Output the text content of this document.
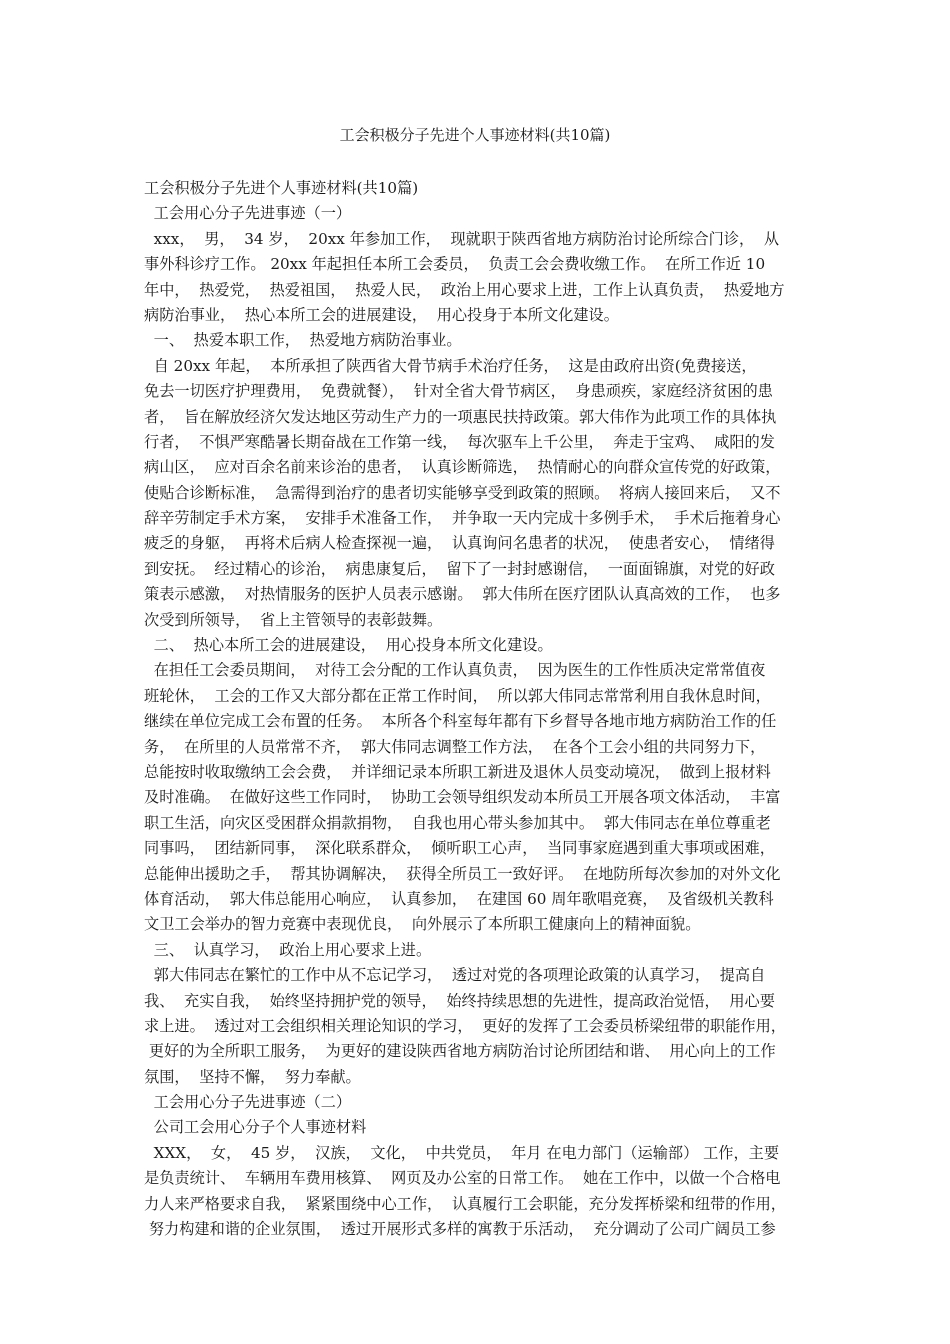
工会积极分子先进个人事迹材料(共10篇)
工会积极分子先进个人事迹材料(共10篇)
工会用心分子先进事迹（一）
xxx，  男，  34 岁，  20xx 年参加工作，  现就职于陕西省地方病防治讨论所综合门诊，  从
事外科诊疗工作。 20xx 年起担任本所工会委员，  负责工会会费收缴工作。  在所工作近 10
年中，  热爱党，  热爱祖国，  热爱人民，  政治上用心要求上进，工作上认真负责，  热爱地方
病防治事业，  热心本所工会的进展建设，  用心投身于本所文化建设。
一、  热爱本职工作，  热爱地方病防治事业。
自 20xx 年起，  本所承担了陕西省大骨节病手术治疗任务，  这是由政府出资(免费接送，
免去一切医疗护理费用，  免费就餐），  针对全省大骨节病区，  身患顽疾，家庭经济贫困的患
者，  旨在解放经济欠发达地区劳动生产力的一项惠民扶持政策。郭大伟作为此项工作的具体执
行者，  不惧严寒酷暑长期奋战在工作第一线，  每次驱车上千公里，  奔走于宝鸡、  咸阳的发
病山区，  应对百余名前来诊治的患者，  认真诊断筛选，  热情耐心的向群众宣传党的好政策，
使贴合诊断标准，  急需得到治疗的患者切实能够享受到政策的照顾。  将病人接回来后，  又不
辞辛劳制定手术方案，  安排手术准备工作，  并争取一天内完成十多例手术，  手术后拖着身心
疲乏的身躯，  再将术后病人检查探视一遍，  认真询问名患者的状况，  使患者安心，  情绪得
到安抚。  经过精心的诊治，  病患康复后，  留下了一封封感谢信，  一面面锦旗，对党的好政
策表示感激，  对热情服务的医护人员表示感谢。  郭大伟所在医疗团队认真高效的工作，  也多
次受到所领导，  省上主管领导的表彰鼓舞。
二、  热心本所工会的进展建设，  用心投身本所文化建设。
在担任工会委员期间，  对待工会分配的工作认真负责，  因为医生的工作性质决定常常值夜
班轮休，  工会的工作又大部分都在正常工作时间，  所以郭大伟同志常常利用自我休息时间，
继续在单位完成工会布置的任务。  本所各个科室每年都有下乡督导各地市地方病防治工作的任
务，  在所里的人员常常不齐，  郭大伟同志调整工作方法，  在各个工会小组的共同努力下，
总能按时收取缴纳工会会费，  并详细记录本所职工新进及退休人员变动境况，  做到上报材料
及时准确。  在做好这些工作同时，  协助工会领导组织发动本所员工开展各项文体活动，  丰富
职工生活，向灾区受困群众捐款捐物，  自我也用心带头参加其中。  郭大伟同志在单位尊重老
同事吗，  团结新同事，  深化联系群众，  倾听职工心声，  当同事家庭遇到重大事项或困难，
总能伸出援助之手，  帮其协调解决，  获得全所员工一致好评。  在地防所每次参加的对外文化
体育活动，  郭大伟总能用心响应，  认真参加，  在建国 60 周年歌唱竞赛，  及省级机关教科
文卫工会举办的智力竞赛中表现优良，  向外展示了本所职工健康向上的精神面貌。
三、  认真学习，  政治上用心要求上进。
郭大伟同志在繁忙的工作中从不忘记学习，  透过对党的各项理论政策的认真学习，  提高自
我、  充实自我，  始终坚持拥护党的领导，  始终持续思想的先进性，提高政治觉悟，  用心要
求上进。  透过对工会组织相关理论知识的学习，  更好的发挥了工会委员桥梁纽带的职能作用，
更好的为全所职工服务，  为更好的建设陕西省地方病防治讨论所团结和谐、  用心向上的工作
氛围，  坚持不懈，  努力奉献。
工会用心分子先进事迹（二）
公司工会用心分子个人事迹材料
XXX，  女，  45 岁，  汉族，  文化，  中共党员，  年月 在电力部门（运输部） 工作，主要
是负责统计、  车辆用车费用核算、  网页及办公室的日常工作。  她在工作中，以做一个合格电
力人来严格要求自我，  紧紧围绕中心工作，  认真履行工会职能，充分发挥桥梁和纽带的作用，
努力构建和谐的企业氛围，  透过开展形式多样的寓教于乐活动，  充分调动了公司广阔员工参
